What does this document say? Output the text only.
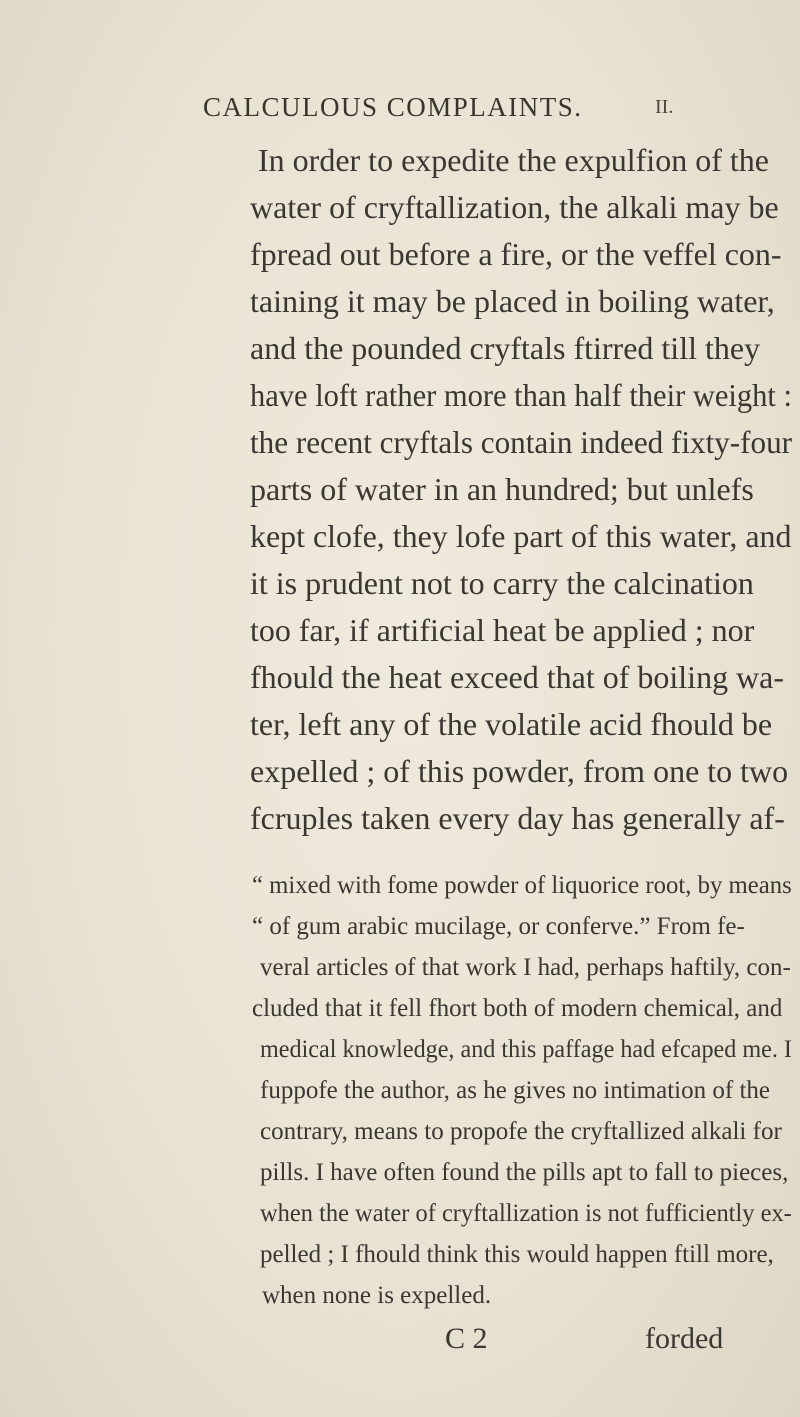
CALCULOUS COMPLAINTS.	II.
In order to expedite the expulfion of the
water of cryftallization, the alkali may be
fpread out before a fire, or the veffel con-
taining it may be placed in boiling water,
and the pounded cryftals ftirred till they
have loft rather more than half their weight :
the recent cryftals contain indeed fixty-four
parts of water in an hundred; but unlefs
kept clofe, they lofe part of this water, and
it is prudent not to carry the calcination
too far, if artificial heat be applied ; nor
fhould the heat exceed that of boiling wa-
ter, left any of the volatile acid fhould be
expelled ; of this powder, from one to two
fcruples taken every day has generally af-
“ mixed with fome powder of liquorice root, by means
“ of gum arabic mucilage, or conferve.” From fe-
veral articles of that work I had, perhaps haftily, con-
cluded that it fell fhort both of modern chemical, and
medical knowledge, and this paffage had efcaped me. I
fuppofe the author, as he gives no intimation of the
contrary, means to propofe the cryftallized alkali for
pills. I have often found the pills apt to fall to pieces,
when the water of cryftallization is not fufficiently ex-
pelled ; I fhould think this would happen ftill more,
when none is expelled.
C 2	forded
